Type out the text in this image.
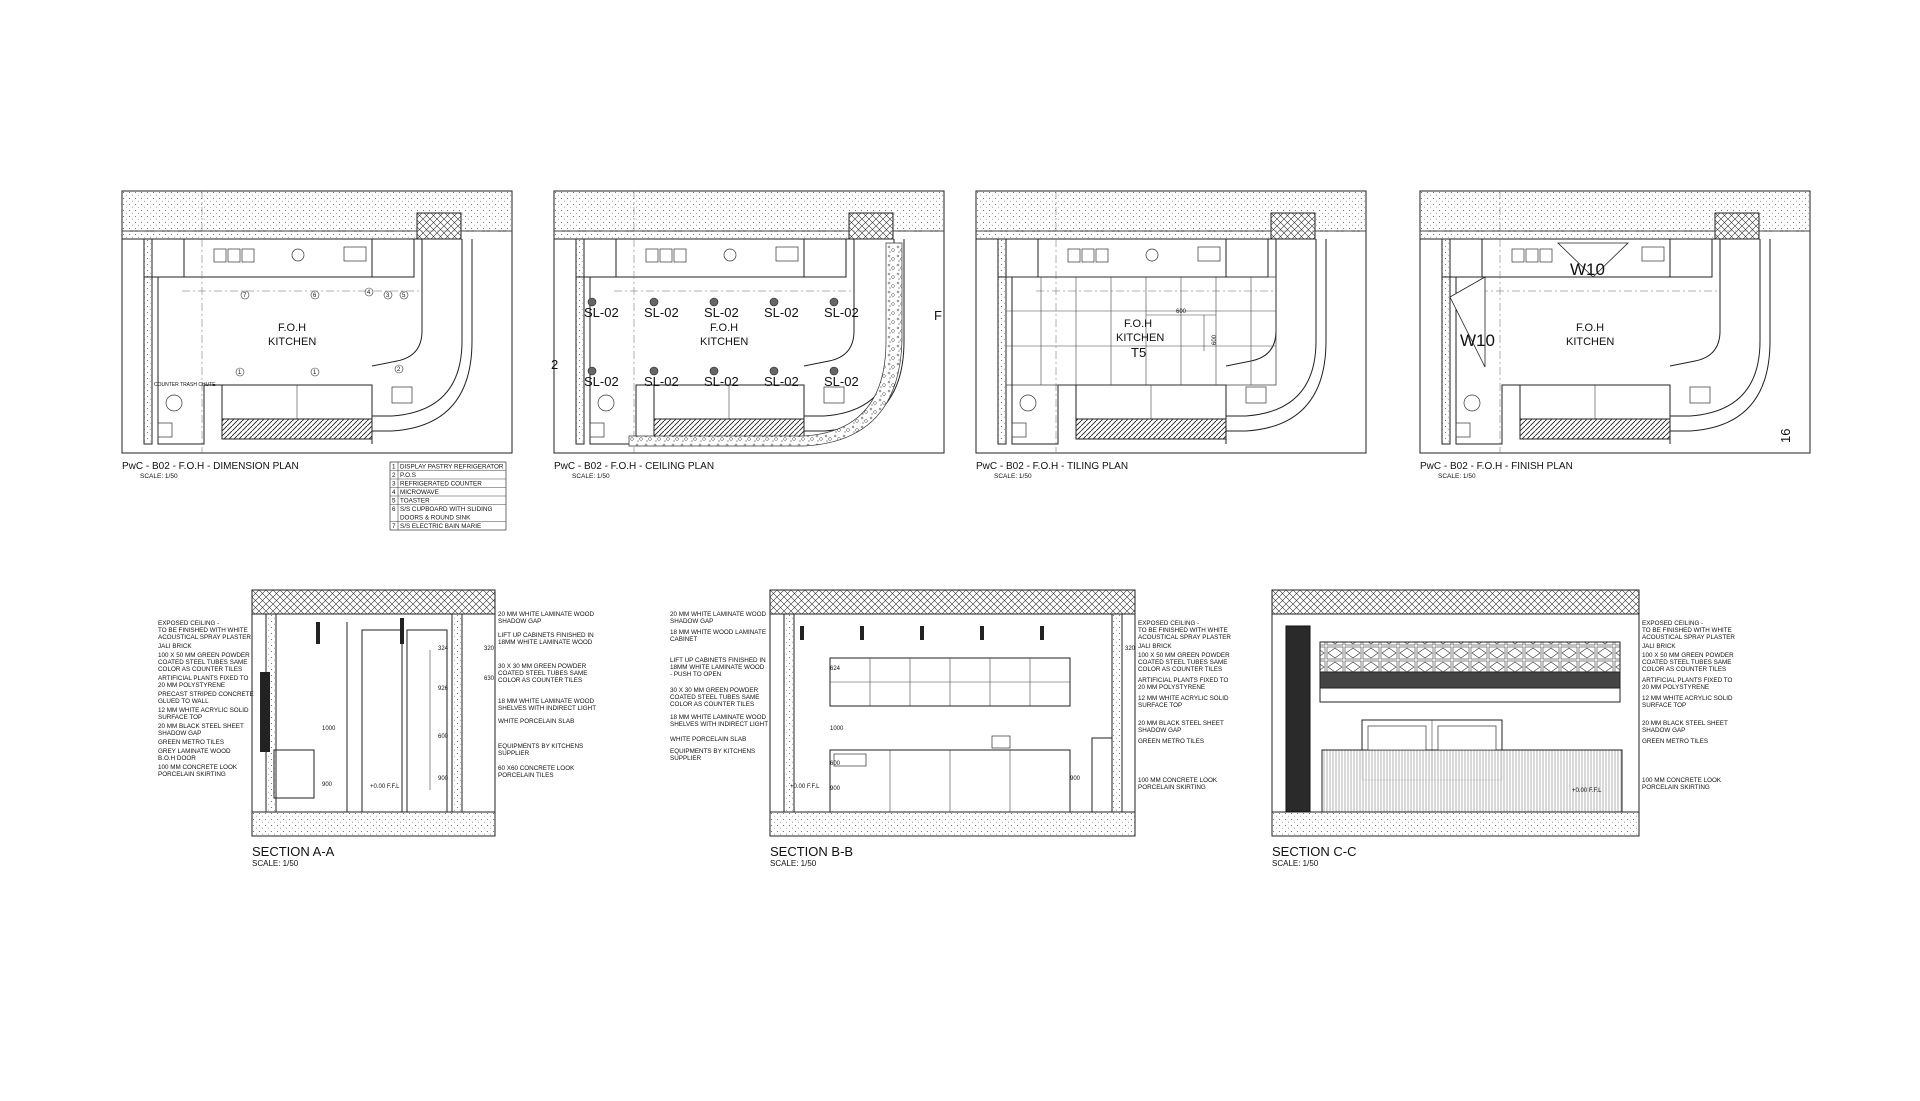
7	6	4	3 5
1	1	2
F.O.H
KITCHEN
COUNTER TRASH CHUTE
PwC - B02 - F.O.H - DIMENSION PLAN
SCALE: 1/50
1 DISPLAY PASTRY REFRIGERATOR
2 P.O.S
3 REFRIGERATED COUNTER
4 MICROWAVE
5 TOASTER
6 S/S CUPBOARD WITH SLIDING
DOORS & ROUND SINK
7 S/S ELECTRIC BAIN MARIE
SL-02 SL-02 SL-02 SL-02 SL-02
SL-02 SL-02 SL-02 SL-02 SL-02
F.O.H
KITCHEN
2
F
PwC - B02 - F.O.H - CEILING PLAN
SCALE: 1/50
600
600
F.O.H
KITCHEN
T5
PwC - B02 - F.O.H - TILING PLAN
SCALE: 1/50
W10
W10
F.O.H
KITCHEN
16
PwC - B02 - F.O.H - FINISH PLAN
SCALE: 1/50
320
630
1000
900
324
926
600
900
+0.00 F.F.L
SECTION A-A
SCALE: 1/50
EXPOSED CEILING -
TO BE FINISHED WITH WHITE
ACOUSTICAL SPRAY PLASTER
JALI BRICK
100 X 50 MM GREEN POWDER
COATED STEEL TUBES SAME
COLOR AS COUNTER TILES
ARTIFICIAL PLANTS FIXED TO
20 MM POLYSTYRENE
PRECAST STRIPED CONCRETE
GLUED TO WALL
12 MM WHITE ACRYLIC SOLID
SURFACE TOP
20 MM BLACK STEEL SHEET
SHADOW GAP
GREEN METRO TILES
GREY LAMINATE WOOD
B.O.H DOOR
100 MM CONCRETE LOOK
PORCELAIN SKIRTING
20 MM WHITE LAMINATE WOOD
SHADOW GAP
LIFT UP CABINETS FINISHED IN
18MM WHITE LAMINATE WOOD
30 X 30 MM GREEN POWDER
COATED STEEL TUBES SAME
COLOR AS COUNTER TILES
18 MM WHITE LAMINATE WOOD
SHELVES WITH INDIRECT LIGHT
WHITE PORCELAIN SLAB
EQUIPMENTS BY KITCHENS
SUPPLIER
60 X60 CONCRETE LOOK
PORCELAIN TILES
624
1000
600
900
320
900
+0.00 F.F.L
SECTION B-B
SCALE: 1/50
20 MM WHITE LAMINATE WOOD
SHADOW GAP
18 MM WHITE WOOD LAMINATE
CABINET
LIFT UP CABINETS FINISHED IN
18MM WHITE LAMINATE WOOD
- PUSH TO OPEN
30 X 30 MM GREEN POWDER
COATED STEEL TUBES SAME
COLOR AS COUNTER TILES
18 MM WHITE LAMINATE WOOD
SHELVES WITH INDIRECT LIGHT
WHITE PORCELAIN SLAB
EQUIPMENTS BY KITCHENS
SUPPLIER
EXPOSED CEILING -
TO BE FINISHED WITH WHITE
ACOUSTICAL SPRAY PLASTER
JALI BRICK
100 X 50 MM GREEN POWDER
COATED STEEL TUBES SAME
COLOR AS COUNTER TILES
ARTIFICIAL PLANTS FIXED TO
20 MM POLYSTYRENE
12 MM WHITE ACRYLIC SOLID
SURFACE TOP
20 MM BLACK STEEL SHEET
SHADOW GAP
GREEN METRO TILES
100 MM CONCRETE LOOK
PORCELAIN SKIRTING	+0.00 F.F.L
SECTION C-C
SCALE: 1/50
EXPOSED CEILING -
TO BE FINISHED WITH WHITE
ACOUSTICAL SPRAY PLASTER
JALI BRICK
100 X 50 MM GREEN POWDER
COATED STEEL TUBES SAME
COLOR AS COUNTER TILES
ARTIFICIAL PLANTS FIXED TO
20 MM POLYSTYRENE
12 MM WHITE ACRYLIC SOLID
SURFACE TOP
20 MM BLACK STEEL SHEET
SHADOW GAP
GREEN METRO TILES
100 MM CONCRETE LOOK
PORCELAIN SKIRTING
